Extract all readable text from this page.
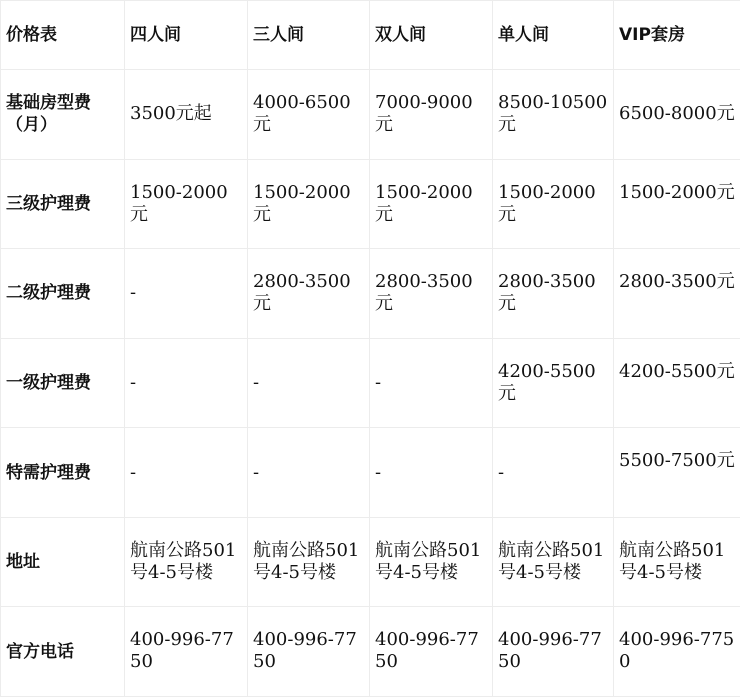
价格表	四人间	三人间	双人间	单人间	VIP套房
基础房型费（月）	3500元起	4000-6500元	7000-9000元	8500-10500元	6500-8000元
三级护理费	1500-2000元	1500-2000元	1500-2000元	1500-2000元	1500-2000元
二级护理费	-	2800-3500元	2800-3500元	2800-3500元	2800-3500元
一级护理费	-	-	-	4200-5500元	4200-5500元
特需护理费	-	-	-	-	5500-7500元
地址	航南公路501号4-5号楼	航南公路501号4-5号楼	航南公路501号4-5号楼	航南公路501号4-5号楼	航南公路501号4-5号楼
官方电话	400-996-7750	400-996-7750	400-996-7750	400-996-7750	400-996-7750
